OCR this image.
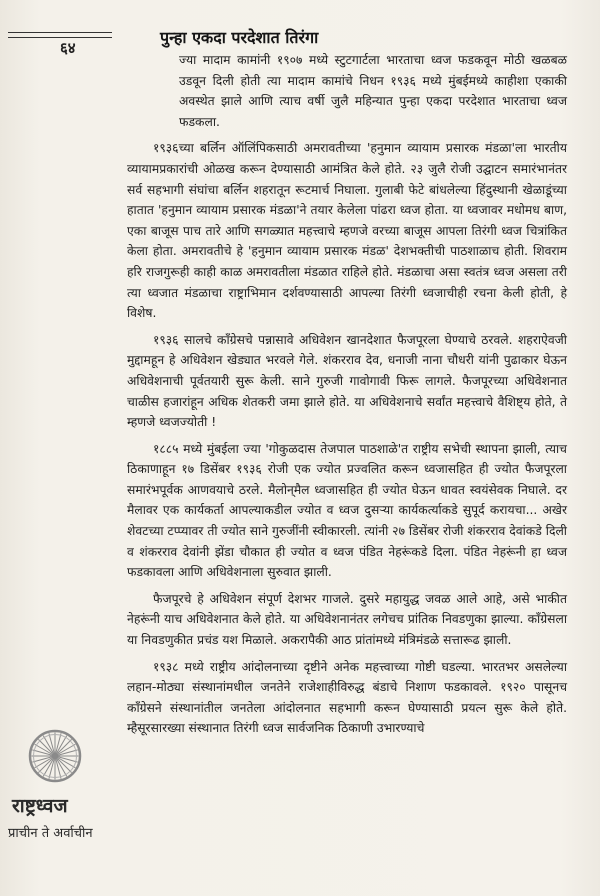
६४
पुन्हा एकदा परदेशात तिरंगा

ज्या मादाम कामांनी १९०७ मध्ये स्टुटगार्टला भारताचा ध्वज फडकवून मोठी खळबळ उडवून दिली होती त्या मादाम कामांचे निधन १९३६ मध्ये मुंबईमध्ये काहीशा एकाकी अवस्थेत झाले आणि त्याच वर्षी जुलै महिन्यात पुन्हा एकदा परदेशात भारताचा ध्वज फडकला.

१९३६च्या बर्लिन ऑलिंपिकसाठी अमरावतीच्या 'हनुमान व्यायाम प्रसारक मंडळा'ला भारतीय व्यायामप्रकारांची ओळख करून देण्यासाठी आमंत्रित केले होते. २३ जुलै रोजी उद्घाटन समारंभानंतर सर्व सहभागी संघांचा बर्लिन शहरातून रूटमार्च निघाला. गुलाबी फेटे बांधलेल्या हिंदुस्थानी खेळाडूंच्या हातात 'हनुमान व्यायाम प्रसारक मंडळा'ने तयार केलेला पांढरा ध्वज होता. या ध्वजावर मधोमध बाण, एका बाजूस पाच तारे आणि सगळ्यात महत्त्वाचे म्हणजे वरच्या बाजूस आपला तिरंगी ध्वज चित्रांकित केला होता. अमरावतीचे हे 'हनुमान व्यायाम प्रसारक मंडळ' देशभक्तीची पाठशाळाच होती. शिवराम हरि राजगुरूही काही काळ अमरावतीला मंडळात राहिले होते. मंडळाचा असा स्वतंत्र ध्वज असला तरी त्या ध्वजात मंडळाचा राष्ट्राभिमान दर्शवण्यासाठी आपल्या तिरंगी ध्वजाचीही रचना केली होती, हे विशेष.

१९३६ सालचे काँग्रेसचे पन्नासावे अधिवेशन खानदेशात फैजपूरला घेण्याचे ठरवले. शहराऐवजी मुद्दामहून हे अधिवेशन खेड्यात भरवले गेले. शंकरराव देव, धनाजी नाना चौधरी यांनी पुढाकार घेऊन अधिवेशनाची पूर्वतयारी सुरू केली. साने गुरुजी गावोगावी फिरू लागले. फैजपूरच्या अधिवेशनात चाळीस हजारांहून अधिक शेतकरी जमा झाले होते. या अधिवेशनाचे सर्वांत महत्त्वाचे वैशिष्ट्य होते, ते म्हणजे ध्वजज्योती !

१८८५ मध्ये मुंबईला ज्या 'गोकुळदास तेजपाल पाठशाळे'त राष्ट्रीय सभेची स्थापना झाली, त्याच ठिकाणाहून १७ डिसेंबर १९३६ रोजी एक ज्योत प्रज्वलित करून ध्वजासहित ही ज्योत फैजपूरला समारंभपूर्वक आणवयाचे ठरले. मैलोन्‌मैल ध्वजासहित ही ज्योत घेऊन धावत स्वयंसेवक निघाले. दर मैलावर एक कार्यकर्ता आपल्याकडील ज्योत व ध्वज दुसऱ्या कार्यकर्त्याकडे सुपूर्द करायचा... अखेर शेवटच्या टप्प्यावर ती ज्योत साने गुरुजींनी स्वीकारली. त्यांनी २७ डिसेंबर रोजी शंकरराव देवांकडे दिली व शंकरराव देवांनी झेंडा चौकात ही ज्योत व ध्वज पंडित नेहरूंकडे दिला. पंडित नेहरूंनी हा ध्वज फडकावला आणि अधिवेशनाला सुरुवात झाली.

फैजपूरचे हे अधिवेशन संपूर्ण देशभर गाजले. दुसरे महायुद्ध जवळ आले आहे, असे भाकीत नेहरूंनी याच अधिवेशनात केले होते. या अधिवेशनानंतर लगेचच प्रांतिक निवडणुका झाल्या. काँग्रेसला या निवडणुकीत प्रचंड यश मिळाले. अकरापैकी आठ प्रांतांमध्ये मंत्रिमंडळे सत्तारूढ झाली.

१९३८ मध्ये राष्ट्रीय आंदोलनाच्या दृष्टीने अनेक महत्त्वाच्या गोष्टी घडल्या. भारतभर असलेल्या लहान-मोठ्या संस्थानांमधील जनतेने राजेशाहीविरुद्ध बंडाचे निशाण फडकावले. १९२० पासूनच काँग्रेसने संस्थानांतील जनतेला आंदोलनात सहभागी करून घेण्यासाठी प्रयत्न सुरू केले होते. म्हैसूरसारख्या संस्थानात तिरंगी ध्वज सार्वजनिक ठिकाणी उभारण्याचे

राष्ट्रध्वज
प्राचीन ते अर्वाचीन
